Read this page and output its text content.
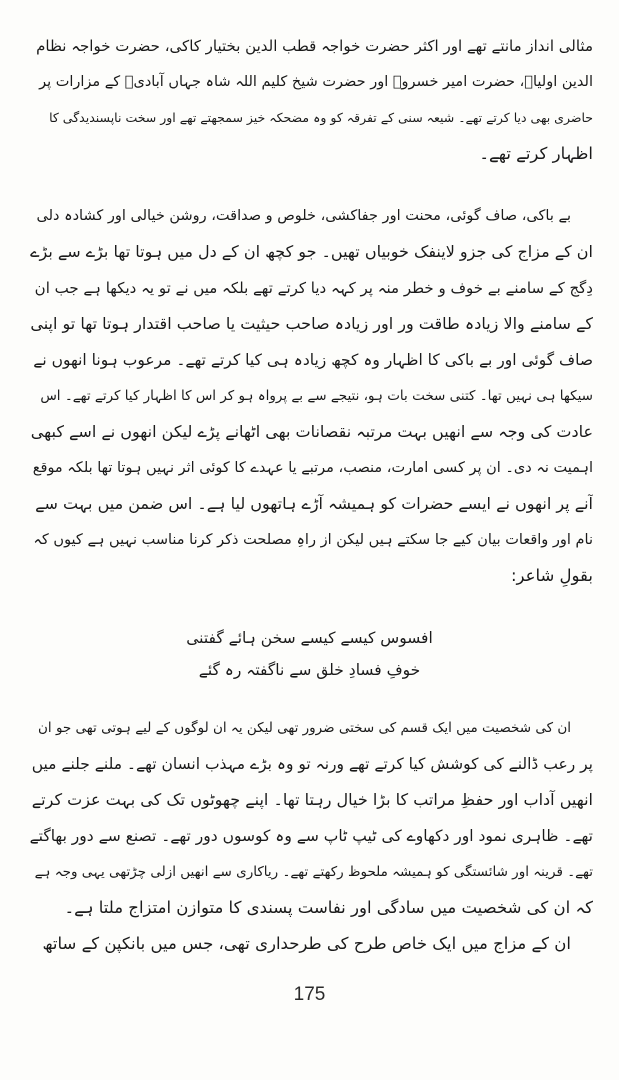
مثالی انداز مانتے تھے اور اکثر حضرت خواجہ قطب الدین بختیار کاکی، حضرت خواجہ نظام
الدین اولیاؒ، حضرت امیر خسروؒ اور حضرت شیخ کلیم اللہ شاہ جہاں آبادیؒ کے مزارات پر
حاضری بھی دیا کرتے تھے۔ شیعہ سنی کے تفرقہ کو وہ مضحکہ خیز سمجھتے تھے اور سخت ناپسندیدگی کا
اظہار کرتے تھے۔
بے باکی، صاف گوئی، محنت اور جفاکشی، خلوص و صداقت، روشن خیالی اور کشادہ دلی
ان کے مزاج کی جزو لاینفک خوبیاں تھیں۔ جو کچھ ان کے دل میں ہوتا تھا بڑے سے بڑے
دِگج کے سامنے بے خوف و خطر منہ پر کہہ دیا کرتے تھے بلکہ میں نے تو یہ دیکھا ہے جب ان
کے سامنے والا زیادہ طاقت ور اور زیادہ صاحب حیثیت یا صاحب اقتدار ہوتا تھا تو اپنی
صاف گوئی اور بے باکی کا اظہار وہ کچھ زیادہ ہی کیا کرتے تھے۔ مرعوب ہونا انھوں نے
سیکھا ہی نہیں تھا۔ کتنی سخت بات ہو، نتیجے سے بے پرواہ ہو کر اس کا اظہار کیا کرتے تھے۔ اس
عادت کی وجہ سے انھیں بہت مرتبہ نقصانات بھی اٹھانے پڑے لیکن انھوں نے اسے کبھی
اہمیت نہ دی۔ ان پر کسی امارت، منصب، مرتبے یا عہدے کا کوئی اثر نہیں ہوتا تھا بلکہ موقع
آنے پر انھوں نے ایسے حضرات کو ہمیشہ آڑے ہاتھوں لیا ہے۔ اس ضمن میں بہت سے
نام اور واقعات بیان کیے جا سکتے ہیں لیکن از راہِ مصلحت ذکر کرنا مناسب نہیں ہے کیوں کہ
بقولِ شاعر:
افسوس کیسے کیسے سخن ہائے گفتنی
خوفِ فسادِ خلق سے ناگفتہ رہ گئے
ان کی شخصیت میں ایک قسم کی سختی ضرور تھی لیکن یہ ان لوگوں کے لیے ہوتی تھی جو ان
پر رعب ڈالنے کی کوشش کیا کرتے تھے ورنہ تو وہ بڑے مہذب انسان تھے۔ ملنے جلنے میں
انھیں آداب اور حفظِ مراتب کا بڑا خیال رہتا تھا۔ اپنے چھوٹوں تک کی بہت عزت کرتے
تھے۔ ظاہری نمود اور دکھاوے کی ٹیپ ٹاپ سے وہ کوسوں دور تھے۔ تصنع سے دور بھاگتے
تھے۔ قرینہ اور شائستگی کو ہمیشہ ملحوظ رکھتے تھے۔ ریاکاری سے انھیں ازلی چڑتھی یہی وجہ ہے
کہ ان کی شخصیت میں سادگی اور نفاست پسندی کا متوازن امتزاج ملتا ہے۔
ان کے مزاج میں ایک خاص طرح کی طرحداری تھی، جس میں بانکپن کے ساتھ
175
